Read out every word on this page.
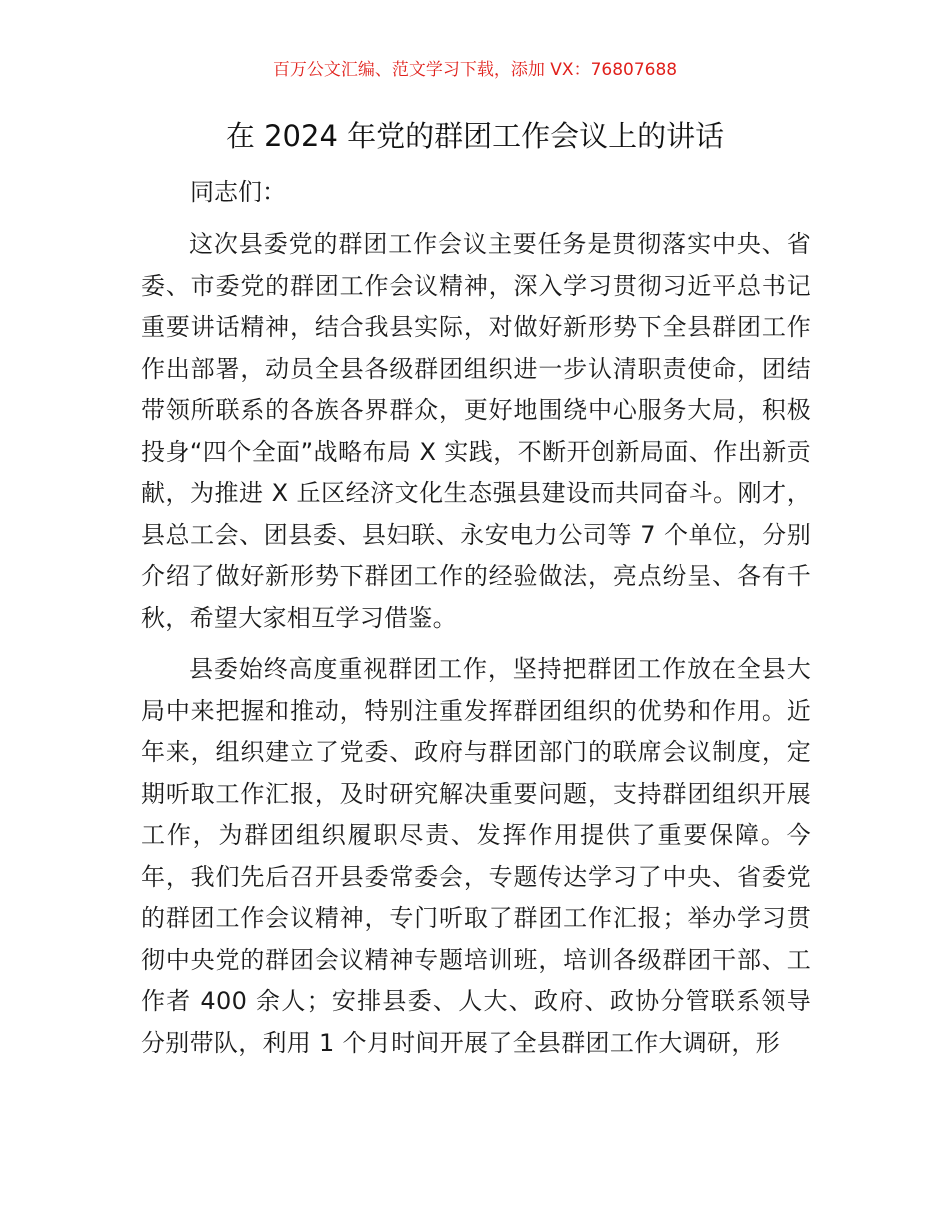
百万公文汇编、范文学习下载，添加 VX：76807688
在 2024 年党的群团工作会议上的讲话
同志们：

这次县委党的群团工作会议主要任务是贯彻落实中央、省委、市委党的群团工作会议精神，深入学习贯彻习近平总书记重要讲话精神，结合我县实际，对做好新形势下全县群团工作作出部署，动员全县各级群团组织进一步认清职责使命，团结带领所联系的各族各界群众，更好地围绕中心服务大局，积极投身“四个全面”战略布局 X 实践，不断开创新局面、作出新贡献，为推进 X 丘区经济文化生态强县建设而共同奋斗。刚才，县总工会、团县委、县妇联、永安电力公司等 7 个单位，分别介绍了做好新形势下群团工作的经验做法，亮点纷呈、各有千秋，希望大家相互学习借鉴。

县委始终高度重视群团工作，坚持把群团工作放在全县大局中来把握和推动，特别注重发挥群团组织的优势和作用。近年来，组织建立了党委、政府与群团部门的联席会议制度，定期听取工作汇报，及时研究解决重要问题，支持群团组织开展工作，为群团组织履职尽责、发挥作用提供了重要保障。今年，我们先后召开县委常委会，专题传达学习了中央、省委党的群团工作会议精神，专门听取了群团工作汇报；举办学习贯彻中央党的群团会议精神专题培训班，培训各级群团干部、工作者 400 余人；安排县委、人大、政府、政协分管联系领导分别带队，利用 1 个月时间开展了全县群团工作大调研，形
